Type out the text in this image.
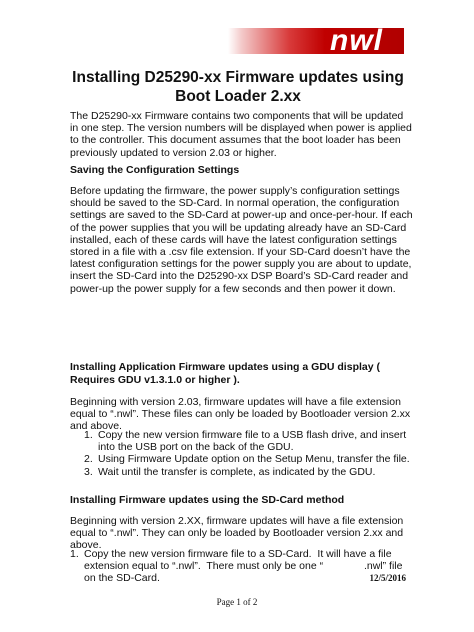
nwl
Installing D25290-xx Firmware updates using Boot Loader 2.xx
The D25290-xx Firmware contains two components that will be updated in one step. The version numbers will be displayed when power is applied to the controller. This document assumes that the boot loader has been previously updated to version 2.03 or higher.
Saving the Configuration Settings
Before updating the firmware, the power supply’s configuration settings should be saved to the SD-Card. In normal operation, the configuration settings are saved to the SD-Card at power-up and once-per-hour. If each of the power supplies that you will be updating already have an SD-Card installed, each of these cards will have the latest configuration settings stored in a file with a .csv file extension. If your SD-Card doesn’t have the latest configuration settings for the power supply you are about to update, insert the SD-Card into the D25290-xx DSP Board’s SD-Card reader and power-up the power supply for a few seconds and then power it down.
Installing Application Firmware updates using a GDU display ( Requires GDU v1.3.1.0 or higher ).
Beginning with version 2.03, firmware updates will have a file extension equal to “.nwl”. These files can only be loaded by Bootloader version 2.xx and above.
1. Copy the new version firmware file to a USB flash drive, and insert into the USB port on the back of the GDU.
2. Using Firmware Update option on the Setup Menu, transfer the file.
3. Wait until the transfer is complete, as indicated by the GDU.
Installing Firmware updates using the SD-Card method
Beginning with version 2.XX, firmware updates will have a file extension equal to “.nwl”. They can only be loaded by Bootloader version 2.xx and above.
1. Copy the new version firmware file to a SD-Card.  It will have a file extension equal to “.nwl”.  There must only be one “              .nwl” file on the SD-Card.	12/5/2016
Page 1 of 2
